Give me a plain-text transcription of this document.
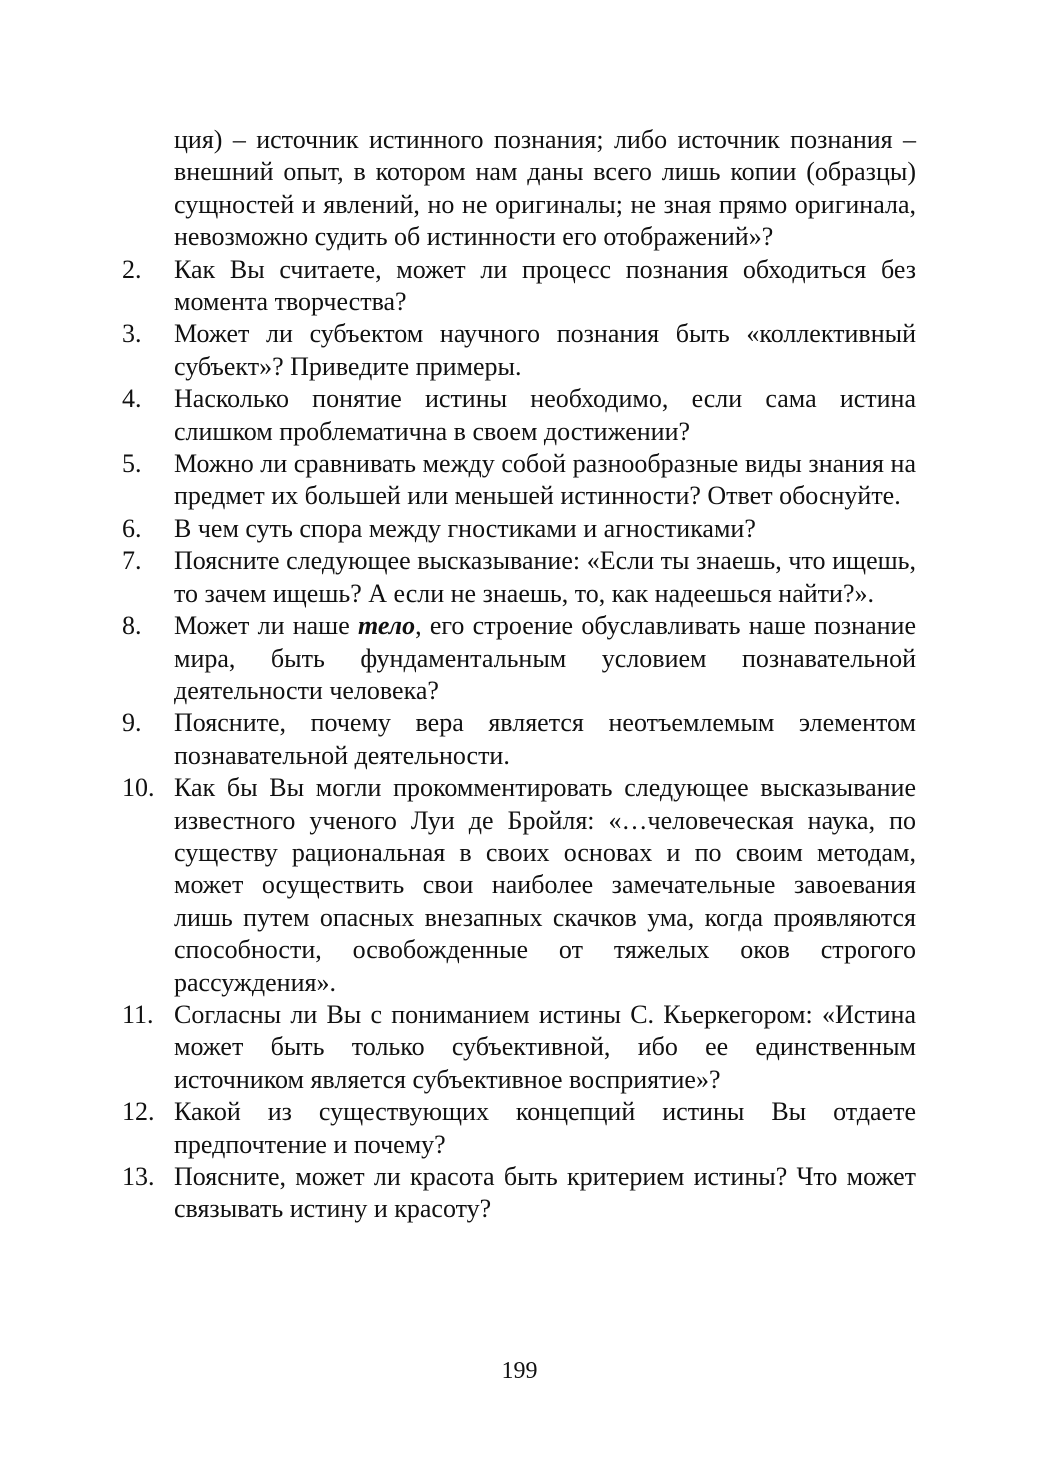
ция) – источник истинного познания; либо источник познания – внешний опыт, в котором нам даны всего лишь копии (образцы) сущностей и явлений, но не оригиналы; не зная прямо оригинала, невозможно судить об истинности его отображений»?
2.	Как Вы считаете, может ли процесс познания обходиться без момента творчества?
3.	Может ли субъектом научного познания быть «коллективный субъект»? Приведите примеры.
4.	Насколько понятие истины необходимо, если сама истина слишком проблематична в своем достижении?
5.	Можно ли сравнивать между собой разнообразные виды знания на предмет их большей или меньшей истинности? Ответ обоснуйте.
6.	В чем суть спора между гностиками и агностиками?
7.	Поясните следующее высказывание: «Если ты знаешь, что ищешь, то зачем ищешь? А если не знаешь, то, как надеешься найти?».
8.	Может ли наше тело, его строение обуславливать наше познание мира, быть фундаментальным условием познавательной деятельности человека?
9.	Поясните, почему вера является неотъемлемым элементом познавательной деятельности.
10. Как бы Вы могли прокомментировать следующее высказывание известного ученого Луи де Бройля: «…человеческая наука, по существу рациональная в своих основах и по своим методам, может осуществить свои наиболее замечательные завоевания лишь путем опасных внезапных скачков ума, когда проявляются способности, освобожденные от тяжелых оков строгого рассуждения».
11. Согласны ли Вы с пониманием истины С. Кьеркегором: «Истина может быть только субъективной, ибо ее единственным источником является субъективное восприятие»?
12. Какой из существующих концепций истины Вы отдаете предпочтение и почему?
13. Поясните, может ли красота быть критерием истины? Что может связывать истину и красоту?
199
